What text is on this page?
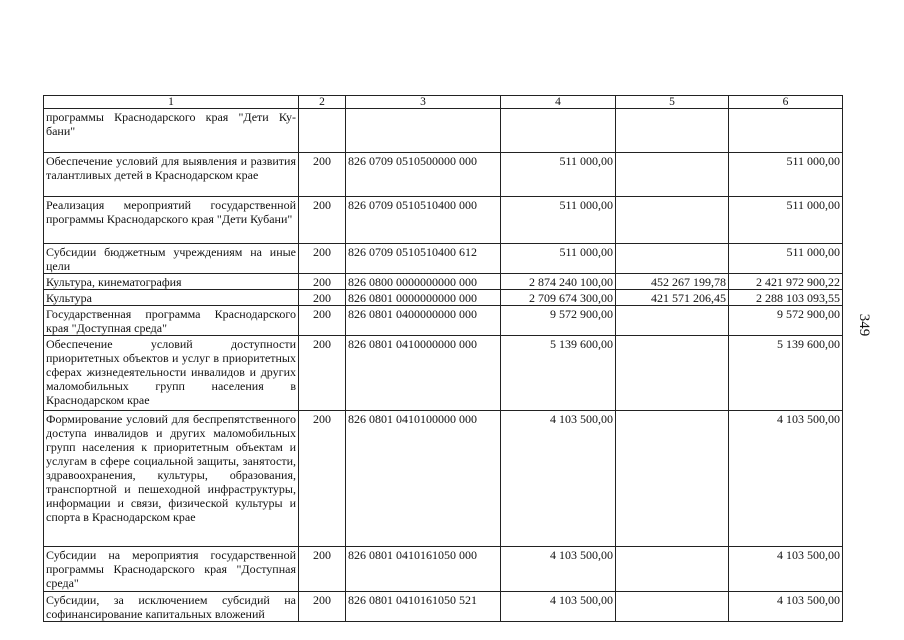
1	2	3	4	5	6
программы Краснодарского края "Дети Ку-бани"					
Обеспечение условий для выявления и развития талантливых детей в Краснодарском крае	200	826 0709 0510500000 000	511 000,00		511 000,00
Реализация мероприятий государственной программы Краснодарского края "Дети Кубани"	200	826 0709 0510510400 000	511 000,00		511 000,00
Субсидии бюджетным учреждениям на иные цели	200	826 0709 0510510400 612	511 000,00		511 000,00
Культура, кинематография	200	826 0800 0000000000 000	2 874 240 100,00	452 267 199,78	2 421 972 900,22
Культура	200	826 0801 0000000000 000	2 709 674 300,00	421 571 206,45	2 288 103 093,55
Государственная программа Краснодарского края "Доступная среда"	200	826 0801 0400000000 000	9 572 900,00		9 572 900,00
Обеспечение условий доступности приоритетных объектов и услуг в приоритетных сферах жизнедеятельности инвалидов и других маломобильных групп населения в Краснодарском крае	200	826 0801 0410000000 000	5 139 600,00		5 139 600,00
Формирование условий для беспрепятственного доступа инвалидов и других маломобильных групп населения к приоритетным объектам и услугам в сфере социальной защиты, занятости, здравоохранения, культуры, образования, транспортной и пешеходной инфраструктуры, информации и связи, физической культуры и спорта в Краснодарском крае	200	826 0801 0410100000 000	4 103 500,00		4 103 500,00
Субсидии на мероприятия государственной программы Краснодарского края "Доступная среда"	200	826 0801 0410161050 000	4 103 500,00		4 103 500,00
Субсидии, за исключением субсидий на софинансирование капитальных вложений	200	826 0801 0410161050 521	4 103 500,00		4 103 500,00
349
